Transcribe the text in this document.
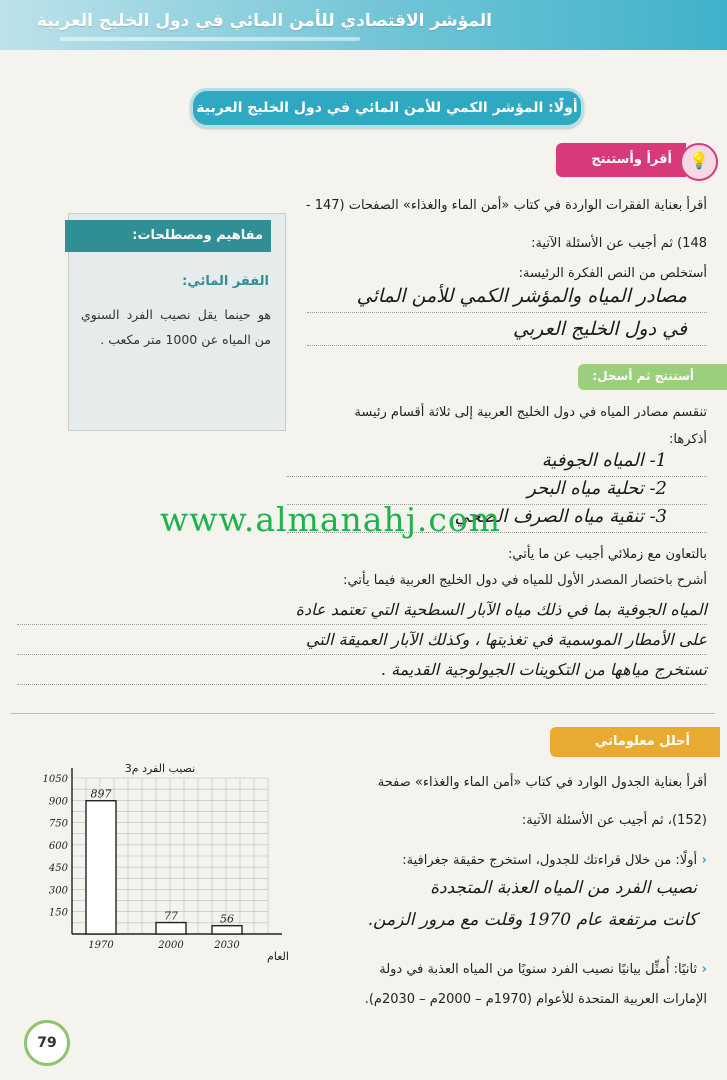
المؤشر الاقتصادي للأمن المائي في دول الخليج العربية
أولًا: المؤشر الكمي للأمن المائي في دول الخليج العربية
أقرأ وأستنتج	💡
أقرأ بعناية الفقرات الواردة في كتاب «أمن الماء والغذاء» الصفحات (147 -
148) ثم أجيب عن الأسئلة الآتية:
أستخلص من النص الفكرة الرئيسة:
مصادر المياه والمؤشر الكمي للأمن المائي
في دول الخليج العربي
مفاهيم ومصطلحات:
الفقر المائي:
هو حينما يقل نصيب الفرد السنوي من المياه عن 1000 متر مكعب .
أستنتج ثم أسجل:
تنقسم مصادر المياه في دول الخليج العربية إلى ثلاثة أقسام رئيسة
أذكرها:
1- المياه الجوفية
2- تحلية مياه البحر
3- تنقية مياه الصرف الصحي
www.almanahj.com
بالتعاون مع زملائي أجيب عن ما يأتي:
أشرح باختصار المصدر الأول للمياه في دول الخليج العربية فيما يأتي:
المياه الجوفية بما في ذلك مياه الآبار السطحية التي تعتمد عادة
على الأمطار الموسمية في تغذيتها ، وكذلك الآبار العميقة التي
تستخرج مياهها من التكوينات الجيولوجية القديمة .
أحلل معلوماتي
أقرأ بعناية الجدول الوارد في كتاب «أمن الماء والغذاء» صفحة
(152)، ثم أجيب عن الأسئلة الآتية:
‹ أولًا: من خلال قراءتك للجدول، استخرج حقيقة جغرافية:
نصيب الفرد من المياه العذبة المتجددة
كانت مرتفعة عام 1970 وقلت مع مرور الزمن.
‹ ثانيًا: أُمثِّل بيانيًا نصيب الفرد سنويًا من المياه العذبة في دولة
الإمارات العربية المتحدة للأعوام (1970م – 2000م – 2030م).
150
300
450
600
750
900
1050
897
1970
77
2000
56
2030
نصيب الفرد م3
العام
79
